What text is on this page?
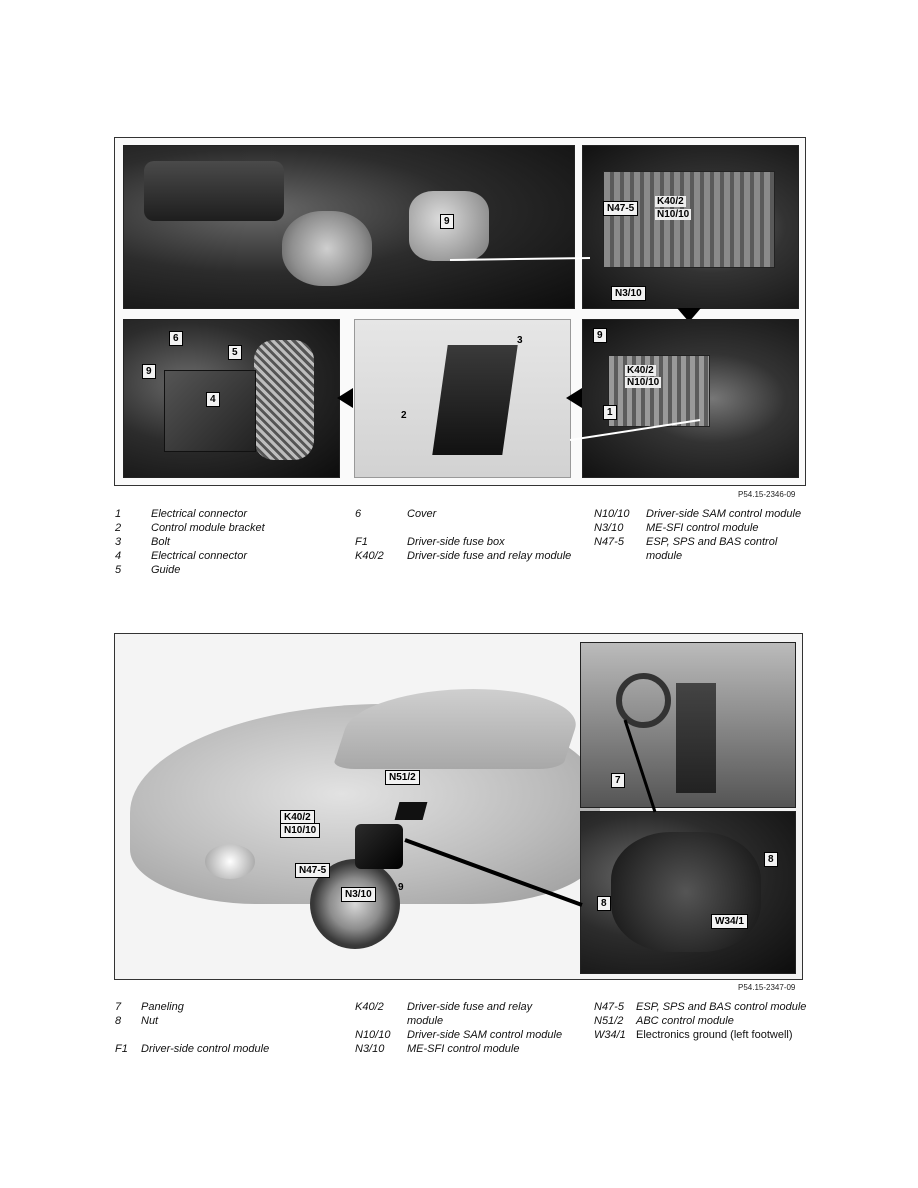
9
N47-5
K40/2
N10/10
N3/10
6
5
9
4
3
2
9
K40/2
N10/10
1
P54.15-2346-09
1	Electrical connector
2	Control module bracket
3	Bolt
4	Electrical connector
5	Guide
6	Cover
F1	Driver-side fuse box
K40/2	Driver-side fuse and relay module
N10/10	Driver-side SAM control module
N3/10	ME-SFI control module
N47-5	ESP, SPS and BAS control
module
N51/2
K40/2
N10/10
N47-5
N3/10
9
7
8
8
W34/1
P54.15-2347-09
7	Paneling
8	Nut
F1	Driver-side control module
K40/2	Driver-side fuse and relay
module
N10/10	Driver-side SAM control module
N3/10	ME-SFI control module
N47-5	ESP, SPS and BAS control module
N51/2	ABC control module
W34/1 Electronics ground (left footwell)
